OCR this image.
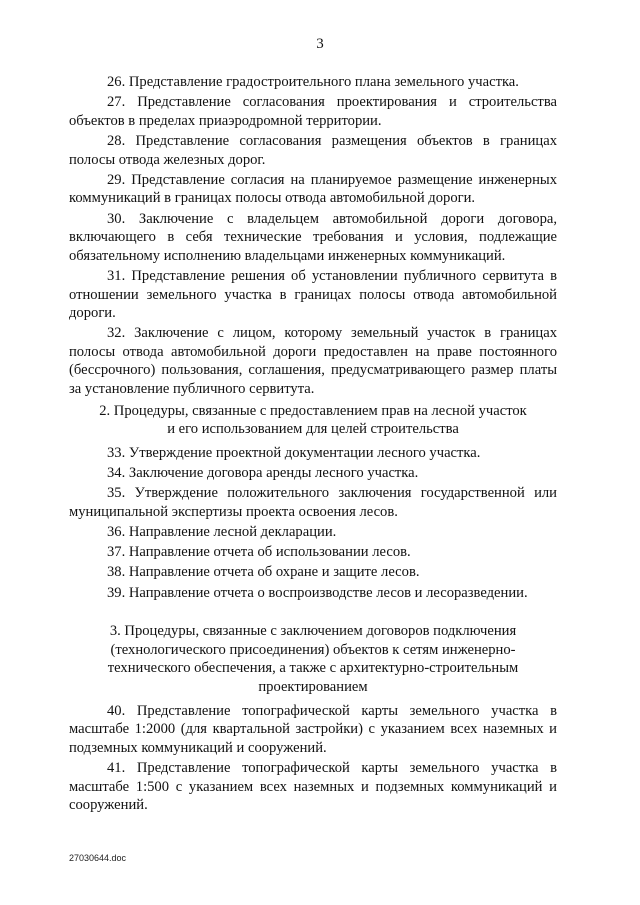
3

26. Представление градостроительного плана земельного участка.

27. Представление согласования проектирования и строительства объектов в пределах приаэродромной территории.

28. Представление согласования размещения объектов в границах полосы отвода железных дорог.

29. Представление согласия на планируемое размещение инженерных коммуникаций в границах полосы отвода автомобильной дороги.

30. Заключение с владельцем автомобильной дороги договора, включающего в себя технические требования и условия, подлежащие обязательному исполнению владельцами инженерных коммуникаций.

31. Представление решения об установлении публичного сервитута в отношении земельного участка в границах полосы отвода автомобильной дороги.

32. Заключение с лицом, которому земельный участок в границах полосы отвода автомобильной дороги предоставлен на праве постоянного (бессрочного) пользования, соглашения, предусматривающего размер платы за установление публичного сервитута.

2. Процедуры, связанные с предоставлением прав на лесной участок
и его использованием для целей строительства

33. Утверждение проектной документации лесного участка.

34. Заключение договора аренды лесного участка.

35. Утверждение положительного заключения государственной или муниципальной экспертизы проекта освоения лесов.

36. Направление лесной декларации.

37. Направление отчета об использовании лесов.

38. Направление отчета об охране и защите лесов.

39. Направление отчета о воспроизводстве лесов и лесоразведении.

3. Процедуры, связанные с заключением договоров подключения
(технологического присоединения) объектов к сетям инженерно-
технического обеспечения, а также с архитектурно-строительным
проектированием

40. Представление топографической карты земельного участка в масштабе 1:2000 (для квартальной застройки) с указанием всех наземных и подземных коммуникаций и сооружений.

41. Представление топографической карты земельного участка в масштабе 1:500 с указанием всех наземных и подземных коммуникаций и сооружений.

27030644.doc
